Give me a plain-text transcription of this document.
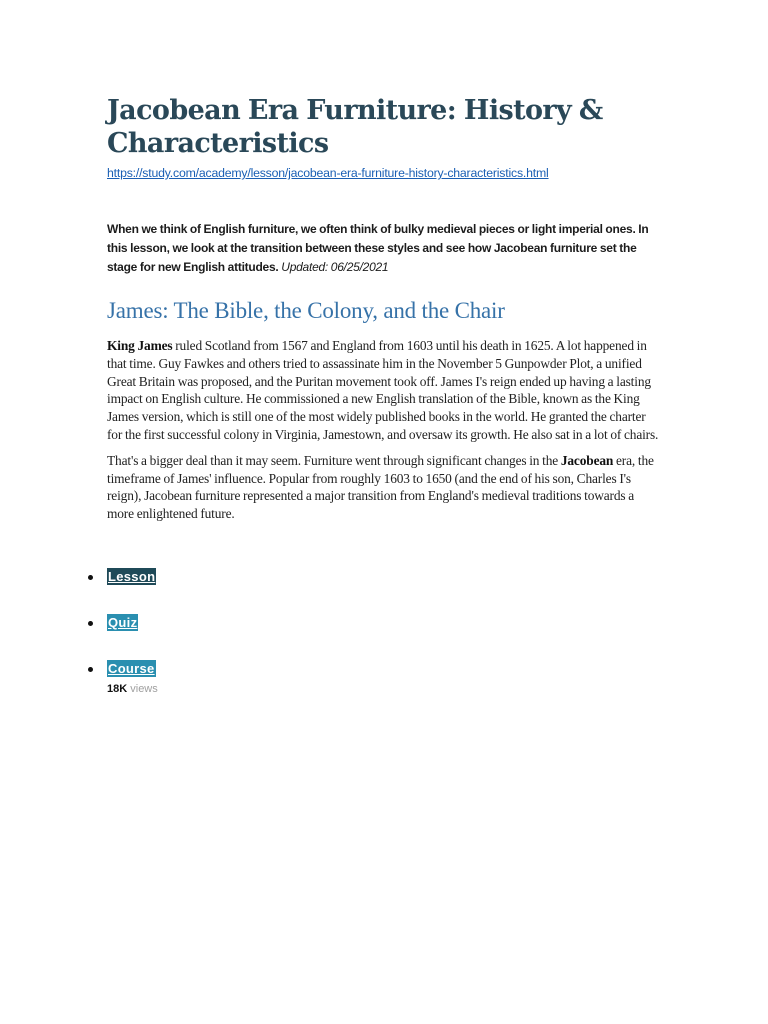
Jacobean Era Furniture: History & Characteristics
https://study.com/academy/lesson/jacobean-era-furniture-history-characteristics.html

When we think of English furniture, we often think of bulky medieval pieces or light imperial ones. In this lesson, we look at the transition between these styles and see how Jacobean furniture set the stage for new English attitudes. Updated: 06/25/2021

James: The Bible, the Colony, and the Chair

King James ruled Scotland from 1567 and England from 1603 until his death in 1625. A lot happened in that time. Guy Fawkes and others tried to assassinate him in the November 5 Gunpowder Plot, a unified Great Britain was proposed, and the Puritan movement took off. James I's reign ended up having a lasting impact on English culture. He commissioned a new English translation of the Bible, known as the King James version, which is still one of the most widely published books in the world. He granted the charter for the first successful colony in Virginia, Jamestown, and oversaw its growth. He also sat in a lot of chairs.

That's a bigger deal than it may seem. Furniture went through significant changes in the Jacobean era, the timeframe of James' influence. Popular from roughly 1603 to 1650 (and the end of his son, Charles I's reign), Jacobean furniture represented a major transition from England's medieval traditions towards a more enlightened future.

Lesson
Quiz
Course
18K views
